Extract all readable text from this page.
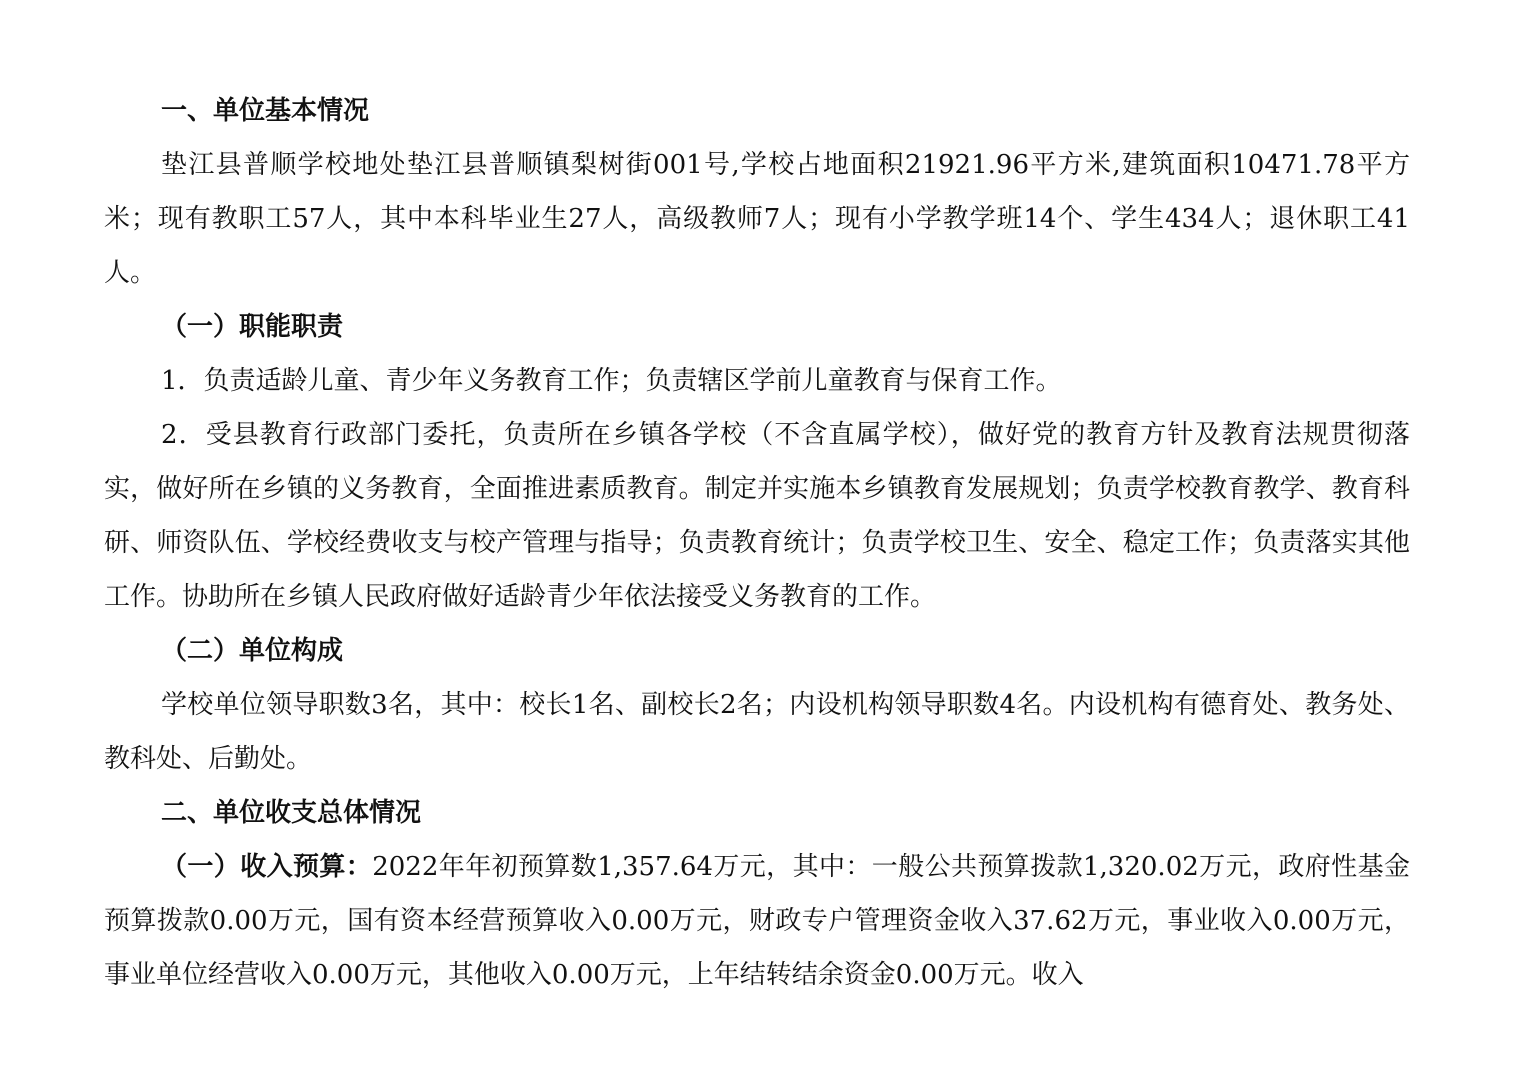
一、单位基本情况

垫江县普顺学校地处垫江县普顺镇梨树街001号,学校占地面积21921.96平方米,建筑面积10471.78平方米；现有教职工57人，其中本科毕业生27人，高级教师7人；现有小学教学班14个、学生434人；退休职工41人。

（一）职能职责

1．负责适龄儿童、青少年义务教育工作；负责辖区学前儿童教育与保育工作。

2．受县教育行政部门委托，负责所在乡镇各学校（不含直属学校），做好党的教育方针及教育法规贯彻落实，做好所在乡镇的义务教育，全面推进素质教育。制定并实施本乡镇教育发展规划；负责学校教育教学、教育科研、师资队伍、学校经费收支与校产管理与指导；负责教育统计；负责学校卫生、安全、稳定工作；负责落实其他工作。协助所在乡镇人民政府做好适龄青少年依法接受义务教育的工作。

（二）单位构成

学校单位领导职数3名，其中：校长1名、副校长2名；内设机构领导职数4名。内设机构有德育处、教务处、教科处、后勤处。

二、单位收支总体情况

（一）收入预算：2022年年初预算数1,357.64万元，其中：一般公共预算拨款1,320.02万元，政府性基金预算拨款0.00万元，国有资本经营预算收入0.00万元，财政专户管理资金收入37.62万元，事业收入0.00万元，事业单位经营收入0.00万元，其他收入0.00万元，上年结转结余资金0.00万元。收入
